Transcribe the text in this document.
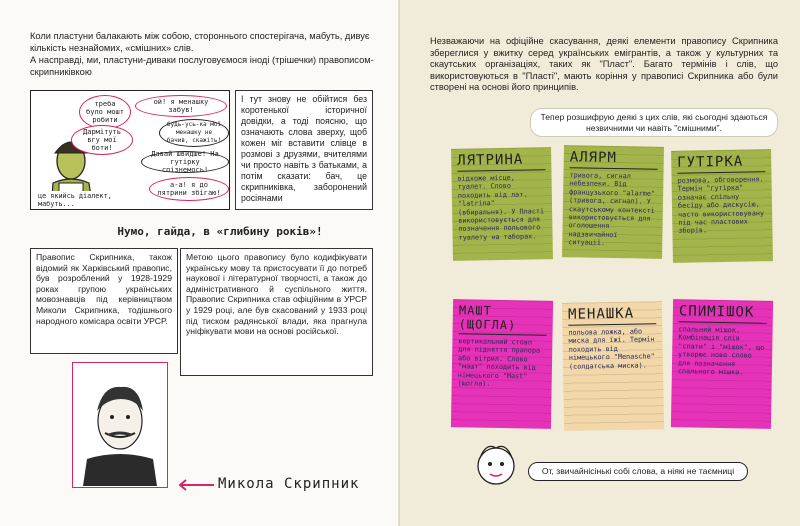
Коли пластуни балакають між собою, стороннього спостерігача, мабуть, дивує кількість незнайомих, «смішних» слів.
А насправді, ми, пластуни-диваки послуговуємося іноді (трішечки) правописом-скрипниківкою
треба було мошт робити
ой! я менашку забув!
будь-усь-ка мої менашку не бачив, скажіть!
Дармітуть вгу мої боти!
Давай швидше! На гутірку спізнемось!
а-а! я до лятрини збігаю!
це якийсь діалект, мабуть...
І тут знову не обійтися без коротенької історичної довідки, а тоді поясню, що означають слова зверху, щоб кожен міг вставити слівце в розмові з друзями, вчителями чи просто навіть з батьками, а потім сказати: бач, це скрипниківка, заборонений росіянами
Нумо, гайда, в «глибину років»!
Правопис Скрипника, також відомий як Харківський правопис, був розроблений у 1928-1929 роках групою українських мовознавців під керівництвом Миколи Скрипника, тодішнього народного комісара освіти УРСР.
Метою цього правопису було кодифікувати українську мову та пристосувати її до потреб наукової і літературної творчості, а також до адміністративного й суспільного життя. Правопис Скрипника став офіційним в УРСР у 1929 році, але був скасований у 1933 році під тиском радянської влади, яка прагнула уніфікувати мови на основі російської.
Микола Скрипник
Незважаючи на офіційне скасування, деякі елементи правопису Скрипника збереглися у вжитку серед українських емігрантів, а також у культурних та скаутських організаціях, таких як "Пласт". Багато термінів і слів, що використовуються в "Пласті", мають коріння у правописі Скрипника або були створені на основі його принципів.
Тепер розшифрую деякі з цих слів, які сьогодні здаються незвичними чи навіть "смішними".
ЛЯТРИНА
відхоже місце, туалет. Слово походить від лат. "latrina" (вбиральня). У Пласті використовується для позначення польового туалету на таборах.
АЛЯРМ
тривога, сигнал небезпеки. Від французького "alarme" (тривога, сигнал). У скаутському контексті використовується для оголошення надзвичайної ситуації.
ГУТІРКА
розмова, обговорення. Термін "гутірка" означає спільну бесіду або дискусію, часто використовувану під час пластових зборів.
МАШТ (ЩОГЛА)
вертикальний стовп для підняття прапора або вітрил. Слово "машт" походить від німецького "Mast" (щогла).
МЕНАШКА
польова ложка, або миска для їжі. Термін походить від німецького "Menasche" (солдатська миска).
СПИМІШОК
спальний мішок. Комбінація слів "спати" і "мішок", що утворює нове слово для позначення спального мішка.
От, звичайнісінькі собі слова, а ніякі не таємниці
